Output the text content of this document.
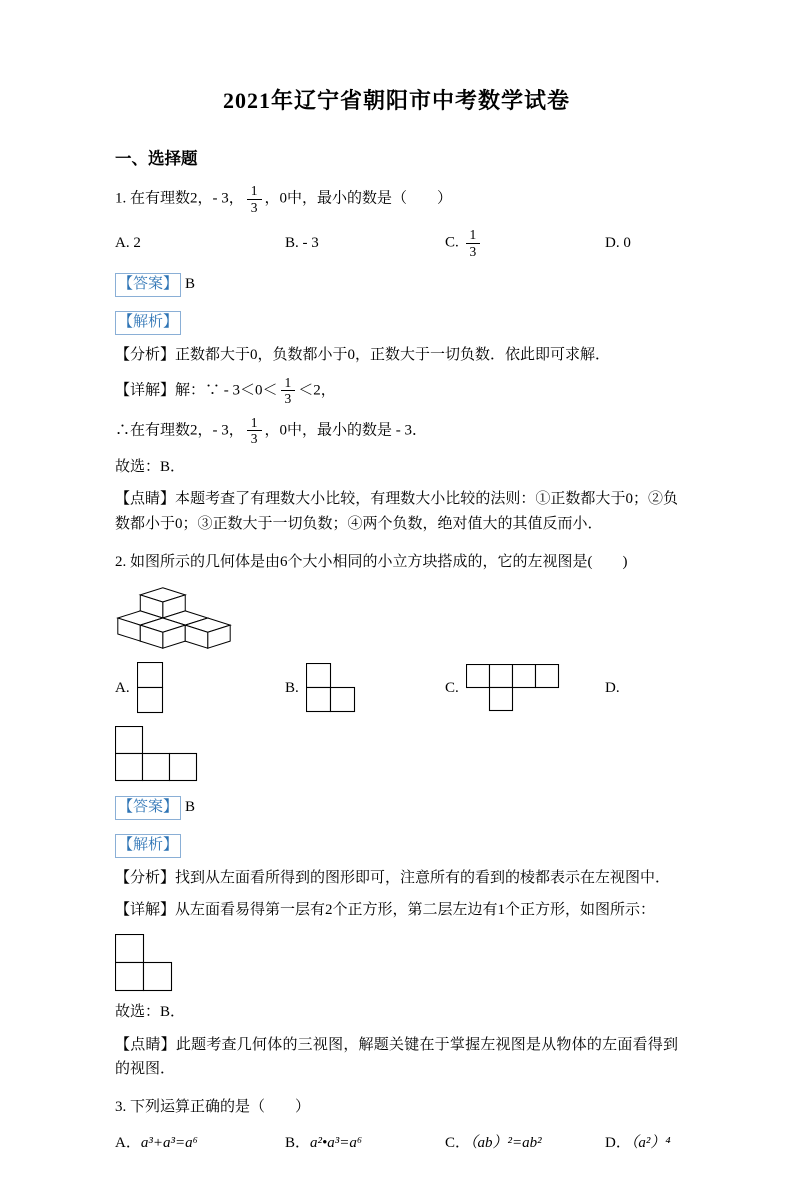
2021年辽宁省朝阳市中考数学试卷
一、选择题

1. 在有理数2，- 3， $\frac{1}{3}$ ，0中，最小的数是（　　）

A. 2	B. - 3	C. $\frac{1}{3}$	D. 0

【答案】 B

【解析】

【分析】正数都大于0，负数都小于0，正数大于一切负数．依此即可求解．

【详解】解：∵ - $3<0< \frac{1}{3} <2$，

∴在有理数2，- 3， $\frac{1}{3}$ ，0中，最小的数是 - 3．

故选：B．

【点睛】本题考查了有理数大小比较，有理数大小比较的法则：①正数都大于0；②负数都小于0；③正数大于一切负数；④两个负数，绝对值大的其值反而小．

2. 如图所示的几何体是由6个大小相同的小立方块搭成的，它的左视图是(　　)

A.	B.	C.	D.

【答案】 B

【解析】

【分析】找到从左面看所得到的图形即可，注意所有的看到的棱都表示在左视图中．

【详解】从左面看易得第一层有2个正方形，第二层左边有1个正方形，如图所示：

故选：B．

【点睛】此题考查几何体的三视图，解题关键在于掌握左视图是从物体的左面看得到的视图．

3. 下列运算正确的是（　　）

A．a³+a³=a⁶	B．a²•a³=a⁶	C．（ab）²=ab²	D．（a²）⁴
